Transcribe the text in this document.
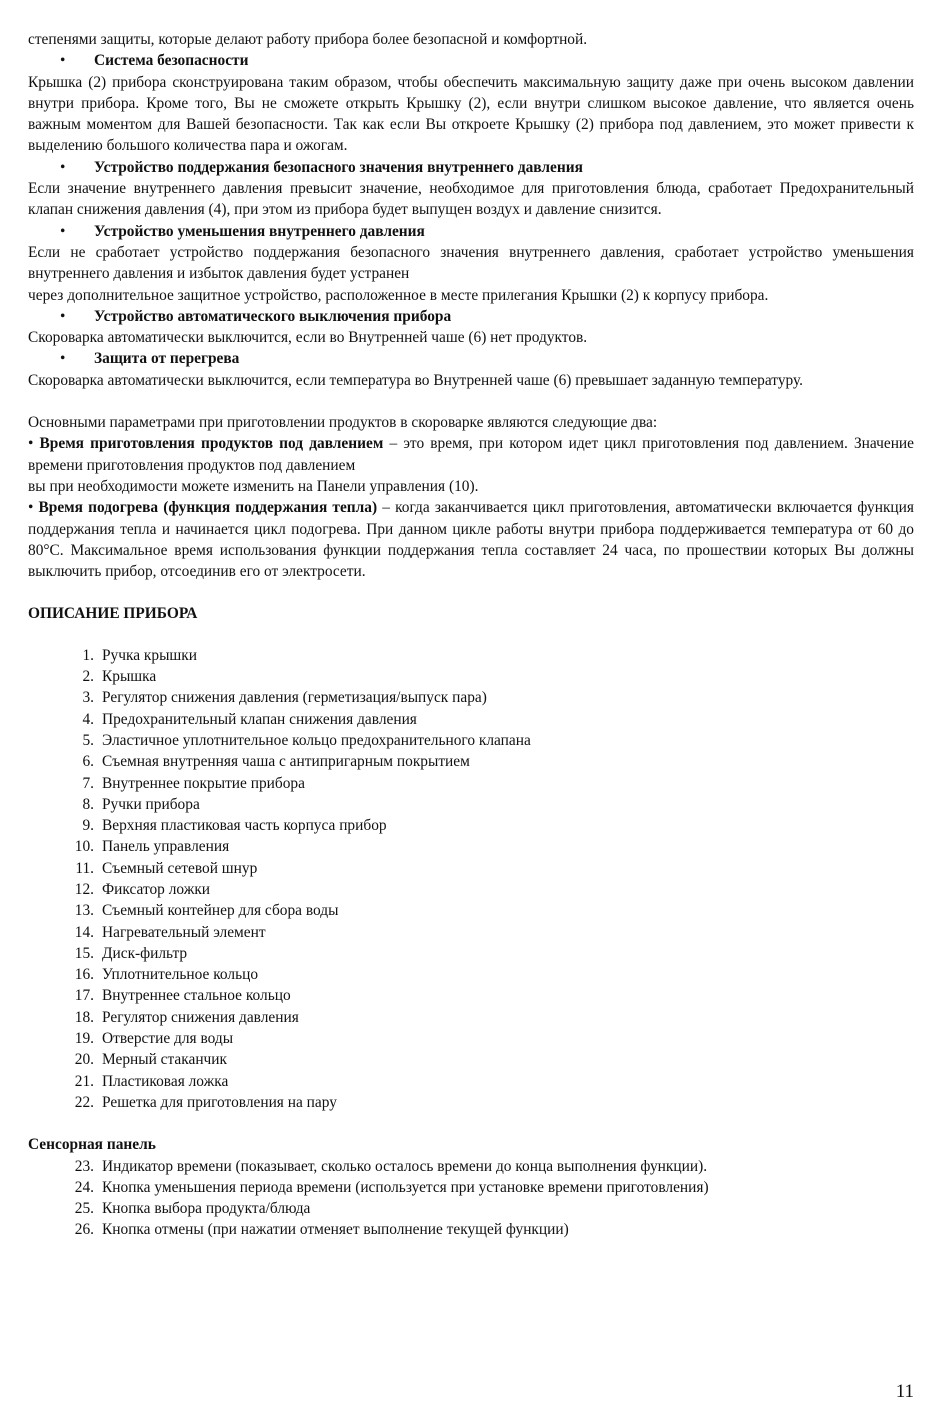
степенями защиты, которые делают работу прибора более безопасной и комфортной.

•	Система безопасности

Крышка (2) прибора сконструирована таким образом, чтобы обеспечить максимальную защиту даже при очень высоком давлении внутри прибора. Кроме того, Вы не сможете открыть Крышку (2), если внутри слишком высокое давление, что является очень важным моментом для Вашей безопасности. Так как если Вы откроете Крышку (2) прибора под давлением, это может привести к выделению большого количества пара и ожогам.

•	Устройство поддержания безопасного значения внутреннего давления

Если значение внутреннего давления превысит значение, необходимое для приготовления блюда, сработает Предохранительный клапан снижения давления (4), при этом из прибора будет выпущен воздух и давление снизится.

•	Устройство уменьшения внутреннего давления

Если не сработает устройство поддержания безопасного значения внутреннего давления, сработает устройство уменьшения внутреннего давления и избыток давления будет устранен

через дополнительное защитное устройство, расположенное в месте прилегания Крышки (2) к корпусу прибора.

•	Устройство автоматического выключения прибора

Скороварка автоматически выключится, если во Внутренней чаше (6) нет продуктов.

•	Защита от перегрева

Скороварка автоматически выключится, если температура во Внутренней чаше (6) превышает заданную температуру.

Основными параметрами при приготовлении продуктов в скороварке являются следующие два:

• Время приготовления продуктов под давлением – это время, при котором идет цикл приготовления под давлением. Значение времени приготовления продуктов под давлением

вы при необходимости можете изменить на Панели управления (10).

• Время подогрева (функция поддержания тепла) – когда заканчивается цикл приготовления, автоматически включается функция поддержания тепла и начинается цикл подогрева. При данном цикле работы внутри прибора поддерживается температура от 60 до 80°С. Максимальное время использования функции поддержания тепла составляет 24 часа, по прошествии которых Вы должны выключить прибор, отсоединив его от электросети.

ОПИСАНИЕ ПРИБОРА

1. Ручка крышки
2. Крышка
3. Регулятор снижения давления (герметизация/выпуск пара)
4. Предохранительный клапан снижения давления
5. Эластичное уплотнительное кольцо предохранительного клапана
6. Съемная внутренняя чаша с антипригарным покрытием
7. Внутреннее покрытие прибора
8. Ручки прибора
9. Верхняя пластиковая часть корпуса прибор
10. Панель управления
11. Съемный сетевой шнур
12. Фиксатор ложки
13. Съемный контейнер для сбора воды
14. Нагревательный элемент
15. Диск-фильтр
16. Уплотнительное кольцо
17. Внутреннее стальное кольцо
18. Регулятор снижения давления
19. Отверстие для воды
20. Мерный стаканчик
21. Пластиковая ложка
22. Решетка для приготовления на пару

Сенсорная панель

23. Индикатор времени (показывает, сколько осталось времени до конца выполнения функции).
24. Кнопка уменьшения периода времени (используется при установке времени приготовления)
25. Кнопка выбора продукта/блюда
26. Кнопка отмены (при нажатии отменяет выполнение текущей функции)
11
